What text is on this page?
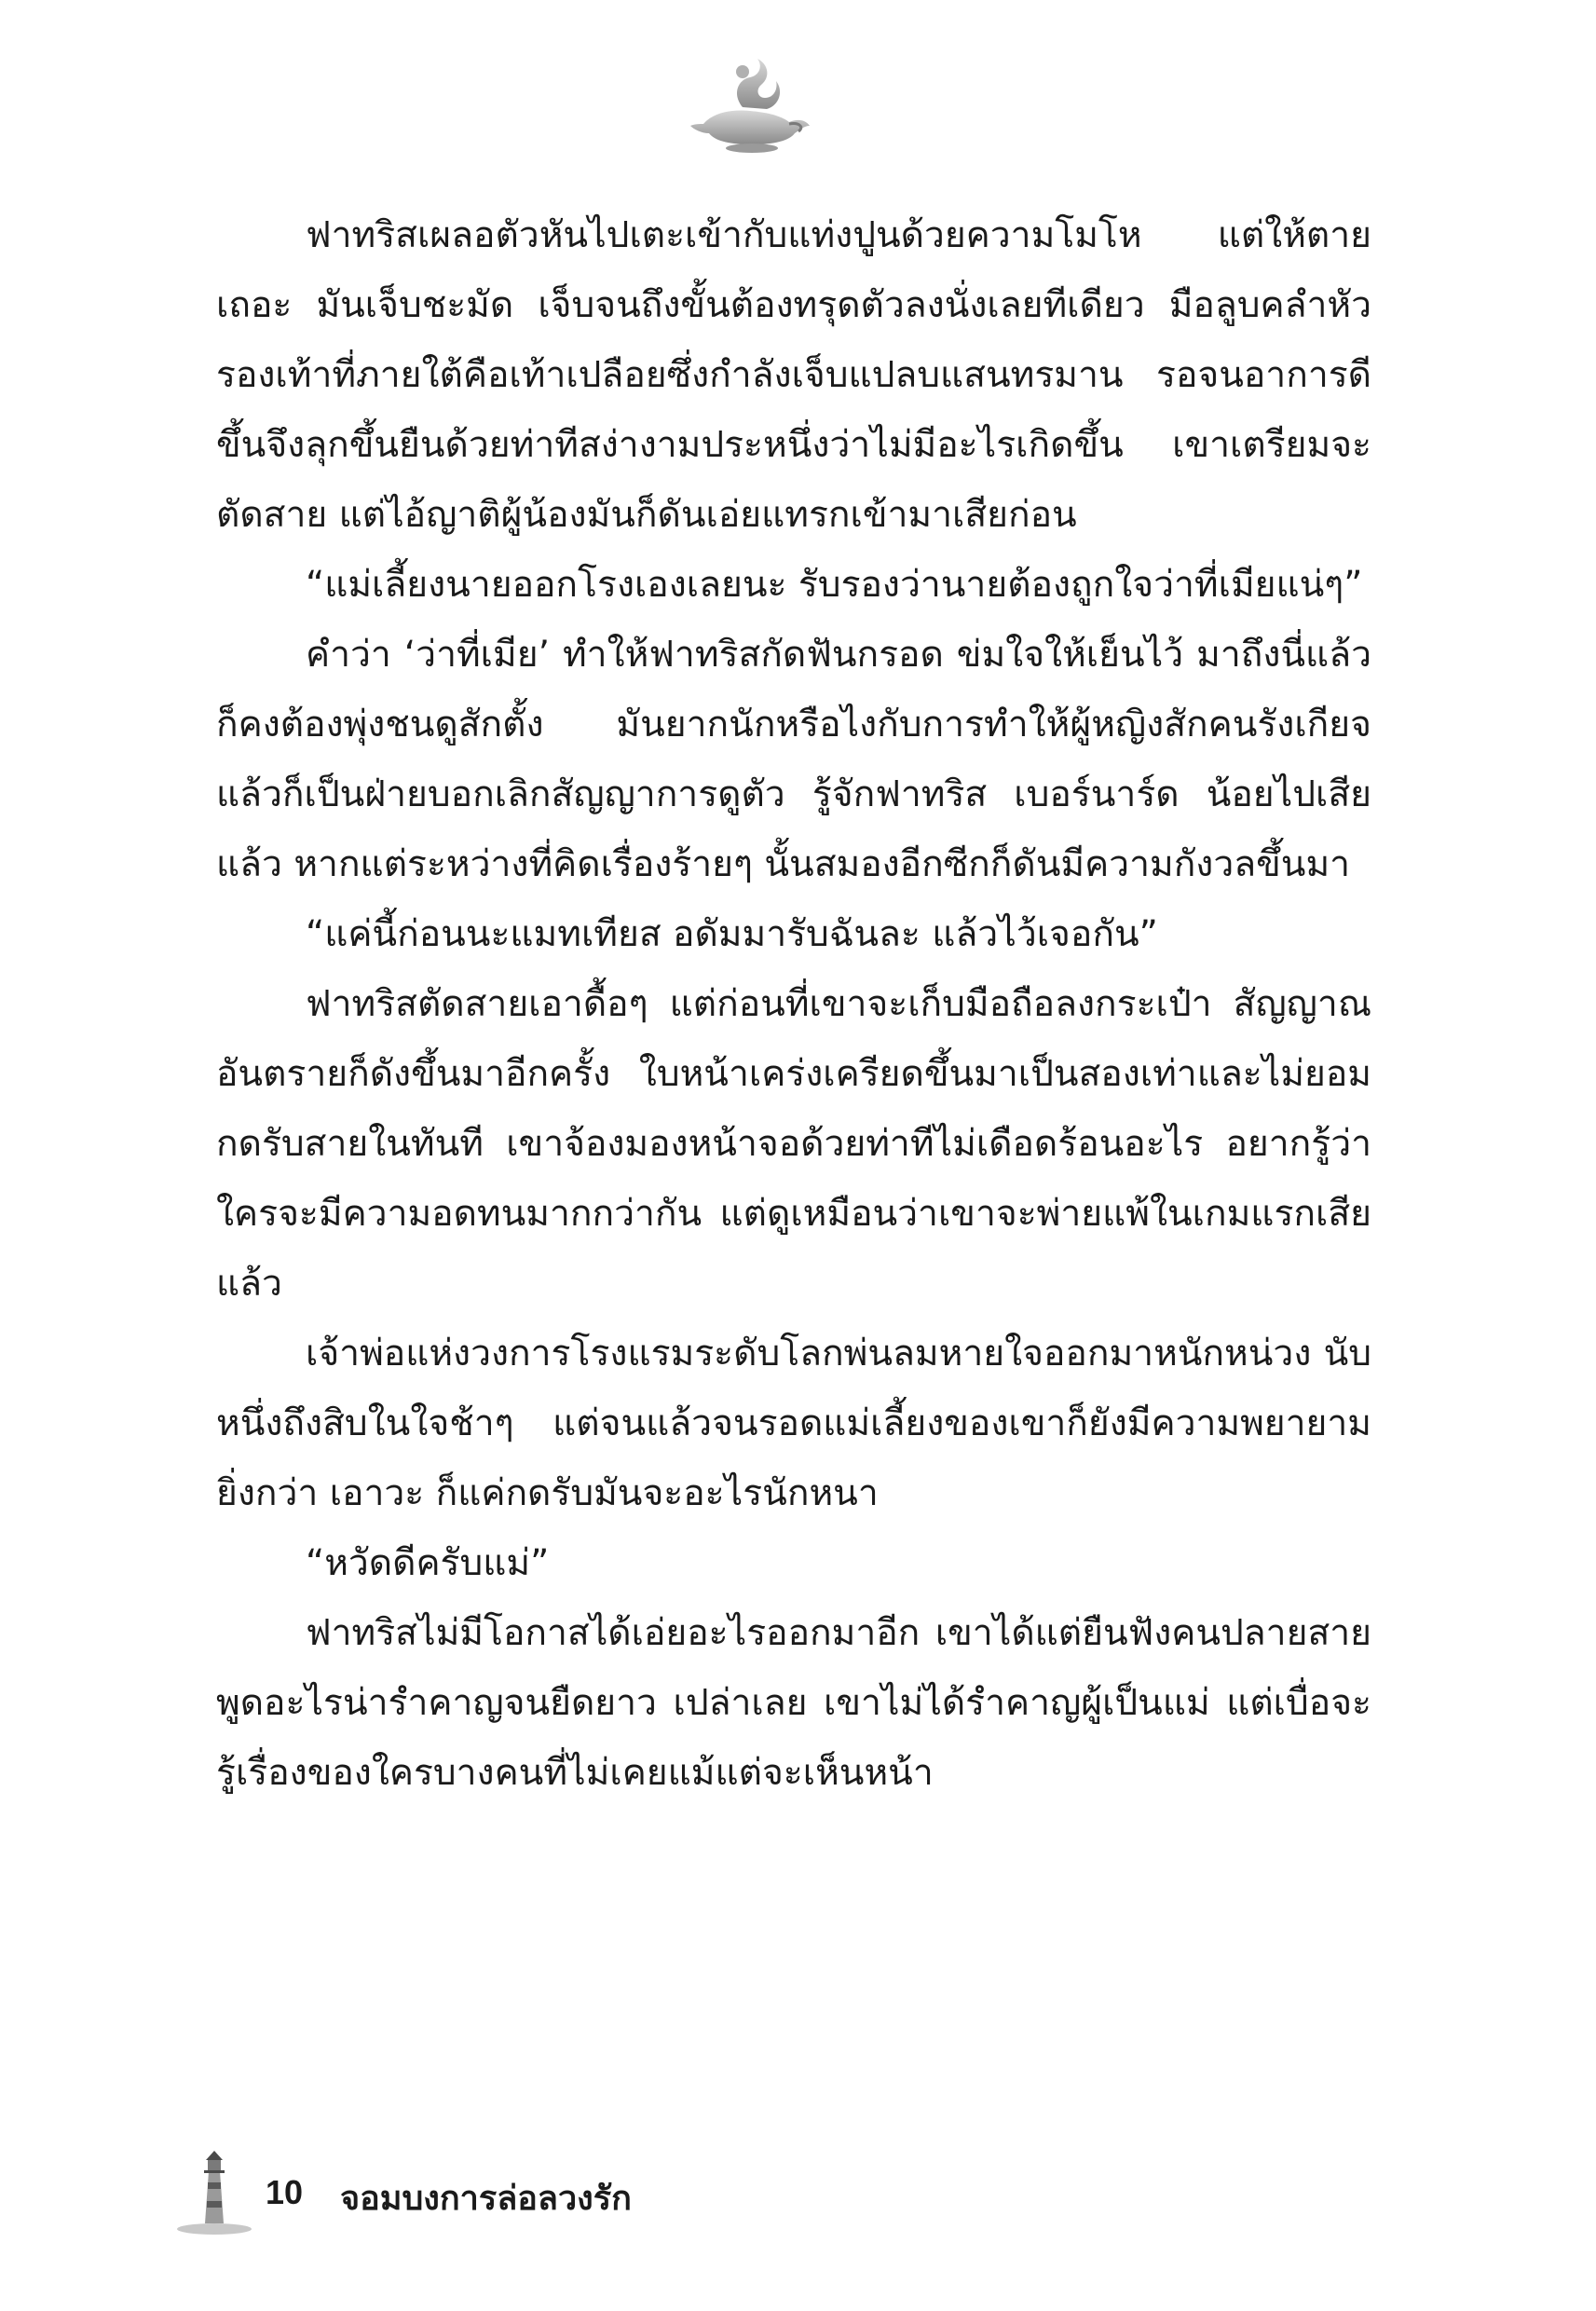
ฟาทริสเผลอตัวหันไปเตะเข้ากับแท่งปูนด้วยความโมโห แต่ให้ตายเถอะ มันเจ็บชะมัด เจ็บจนถึงขั้นต้องทรุดตัวลงนั่งเลยทีเดียว มือลูบคลำหัวรองเท้าที่ภายใต้คือเท้าเปลือยซึ่งกำลังเจ็บแปลบแสนทรมาน รอจนอาการดีขึ้นจึงลุกขึ้นยืนด้วยท่าทีสง่างามประหนึ่งว่าไม่มีอะไรเกิดขึ้น เขาเตรียมจะตัดสาย แต่ไอ้ญาติผู้น้องมันก็ดันเอ่ยแทรกเข้ามาเสียก่อน

“แม่เลี้ยงนายออกโรงเองเลยนะ รับรองว่านายต้องถูกใจว่าที่เมียแน่ๆ”

คำว่า ‘ว่าที่เมีย’ ทำให้ฟาทริสกัดฟันกรอด ข่มใจให้เย็นไว้ มาถึงนี่แล้วก็คงต้องพุ่งชนดูสักตั้ง มันยากนักหรือไงกับการทำให้ผู้หญิงสักคนรังเกียจแล้วก็เป็นฝ่ายบอกเลิกสัญญาการดูตัว รู้จักฟาทริส เบอร์นาร์ด น้อยไปเสียแล้ว หากแต่ระหว่างที่คิดเรื่องร้ายๆ นั้นสมองอีกซีกก็ดันมีความกังวลขึ้นมา

“แค่นี้ก่อนนะแมทเทียส อดัมมารับฉันละ แล้วไว้เจอกัน”

ฟาทริสตัดสายเอาดื้อๆ แต่ก่อนที่เขาจะเก็บมือถือลงกระเป๋า สัญญาณอันตรายก็ดังขึ้นมาอีกครั้ง ใบหน้าเคร่งเครียดขึ้นมาเป็นสองเท่าและไม่ยอมกดรับสายในทันที เขาจ้องมองหน้าจอด้วยท่าทีไม่เดือดร้อนอะไร อยากรู้ว่าใครจะมีความอดทนมากกว่ากัน แต่ดูเหมือนว่าเขาจะพ่ายแพ้ในเกมแรกเสียแล้ว

เจ้าพ่อแห่งวงการโรงแรมระดับโลกพ่นลมหายใจออกมาหนักหน่วง นับหนึ่งถึงสิบในใจช้าๆ แต่จนแล้วจนรอดแม่เลี้ยงของเขาก็ยังมีความพยายามยิ่งกว่า เอาวะ ก็แค่กดรับมันจะอะไรนักหนา

“หวัดดีครับแม่”

ฟาทริสไม่มีโอกาสได้เอ่ยอะไรออกมาอีก เขาได้แต่ยืนฟังคนปลายสายพูดอะไรน่ารำคาญจนยืดยาว เปล่าเลย เขาไม่ได้รำคาญผู้เป็นแม่ แต่เบื่อจะรู้เรื่องของใครบางคนที่ไม่เคยแม้แต่จะเห็นหน้า

10 จอมบงการล่อลวงรัก
